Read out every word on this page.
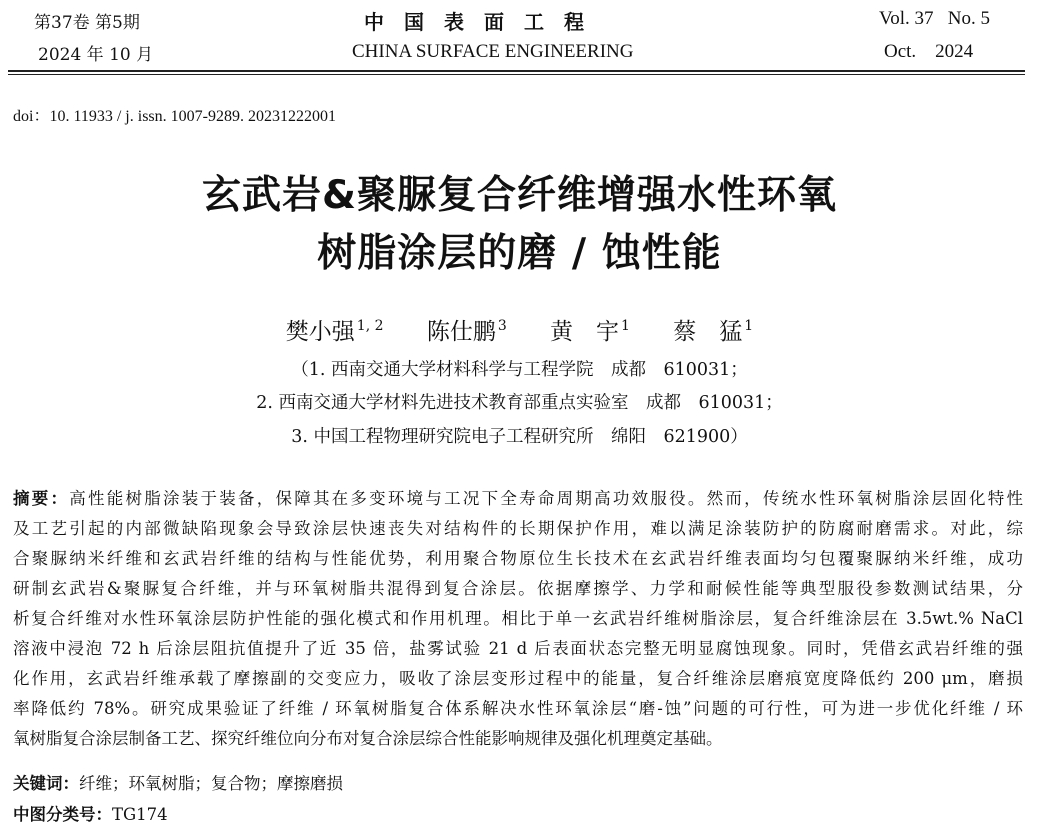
第37卷 第5期
2024 年 10 月
中国表面工程
CHINA SURFACE ENGINEERING
Vol. 37   No. 5
Oct.    2024
doi：10. 11933 / j. issn. 1007-9289. 20231222001
玄武岩&聚脲复合纤维增强水性环氧
树脂涂层的磨 / 蚀性能
樊小强 $^{1, 2}$ 陈仕鹏 $^3$ 黄　宇 $^1$ 蔡　猛 $^1$
（1. 西南交通大学材料科学与工程学院　成都　610031；
2. 西南交通大学材料先进技术教育部重点实验室　成都　610031；
3. 中国工程物理研究院电子工程研究所　绵阳　621900）
摘要：高性能树脂涂装于装备，保障其在多变环境与工况下全寿命周期高功效服役。然而，传统水性环氧树脂涂层固化特性
及工艺引起的内部微缺陷现象会导致涂层快速丧失对结构件的长期保护作用，难以满足涂装防护的防腐耐磨需求。对此，综
合聚脲纳米纤维和玄武岩纤维的结构与性能优势，利用聚合物原位生长技术在玄武岩纤维表面均匀包覆聚脲纳米纤维，成功
研制玄武岩&聚脲复合纤维，并与环氧树脂共混得到复合涂层。依据摩擦学、力学和耐候性能等典型服役参数测试结果，分
析复合纤维对水性环氧涂层防护性能的强化模式和作用机理。相比于单一玄武岩纤维树脂涂层，复合纤维涂层在 3.5wt.% NaCl
溶液中浸泡 72 h 后涂层阻抗值提升了近 35 倍，盐雾试验 21 d 后表面状态完整无明显腐蚀现象。同时，凭借玄武岩纤维的强
化作用，玄武岩纤维承载了摩擦副的交变应力，吸收了涂层变形过程中的能量，复合纤维涂层磨痕宽度降低约 200 μm，磨损
率降低约 78%。研究成果验证了纤维 / 环氧树脂复合体系解决水性环氧涂层“磨-蚀”问题的可行性，可为进一步优化纤维 / 环
氧树脂复合涂层制备工艺、探究纤维位向分布对复合涂层综合性能影响规律及强化机理奠定基础。
关键词：纤维；环氧树脂；复合物；摩擦磨损
中图分类号：TG174
